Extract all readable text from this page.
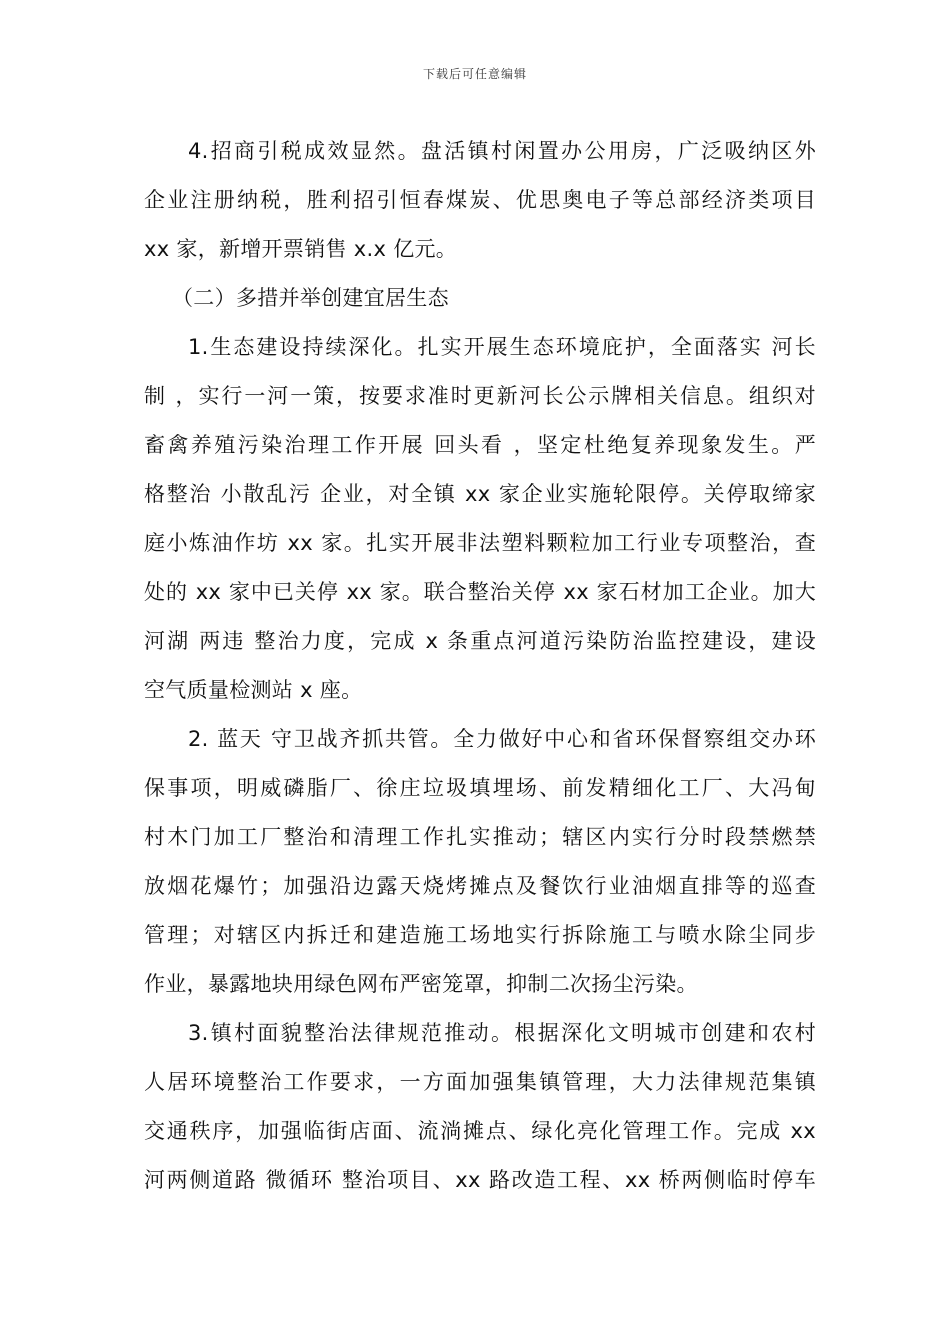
下载后可任意编辑
4.招商引税成效显然。盘活镇村闲置办公用房，广泛吸纳区外
企业注册纳税，胜利招引恒春煤炭、优思奥电子等总部经济类项目
xx 家，新增开票销售 x.x 亿元。
（二）多措并举创建宜居生态
1.生态建设持续深化。扎实开展生态环境庇护，全面落实 河长
制 ，实行一河一策，按要求准时更新河长公示牌相关信息。组织对
畜禽养殖污染治理工作开展 回头看 ，坚定杜绝复养现象发生。严
格整治 小散乱污 企业，对全镇 xx 家企业实施轮限停。关停取缔家
庭小炼油作坊 xx 家。扎实开展非法塑料颗粒加工行业专项整治，查
处的 xx 家中已关停 xx 家。联合整治关停 xx 家石材加工企业。加大
河湖 两违 整治力度，完成 x 条重点河道污染防治监控建设，建设
空气质量检测站 x 座。
2. 蓝天 守卫战齐抓共管。全力做好中心和省环保督察组交办环
保事项，明威磷脂厂、徐庄垃圾填埋场、前发精细化工厂、大冯甸
村木门加工厂整治和清理工作扎实推动；辖区内实行分时段禁燃禁
放烟花爆竹；加强沿边露天烧烤摊点及餐饮行业油烟直排等的巡查
管理；对辖区内拆迁和建造施工场地实行拆除施工与喷水除尘同步
作业，暴露地块用绿色网布严密笼罩，抑制二次扬尘污染。
3.镇村面貌整治法律规范推动。根据深化文明城市创建和农村
人居环境整治工作要求，一方面加强集镇管理，大力法律规范集镇
交通秩序，加强临街店面、流淌摊点、绿化亮化管理工作。完成 xx
河两侧道路 微循环 整治项目、xx 路改造工程、xx 桥两侧临时停车
